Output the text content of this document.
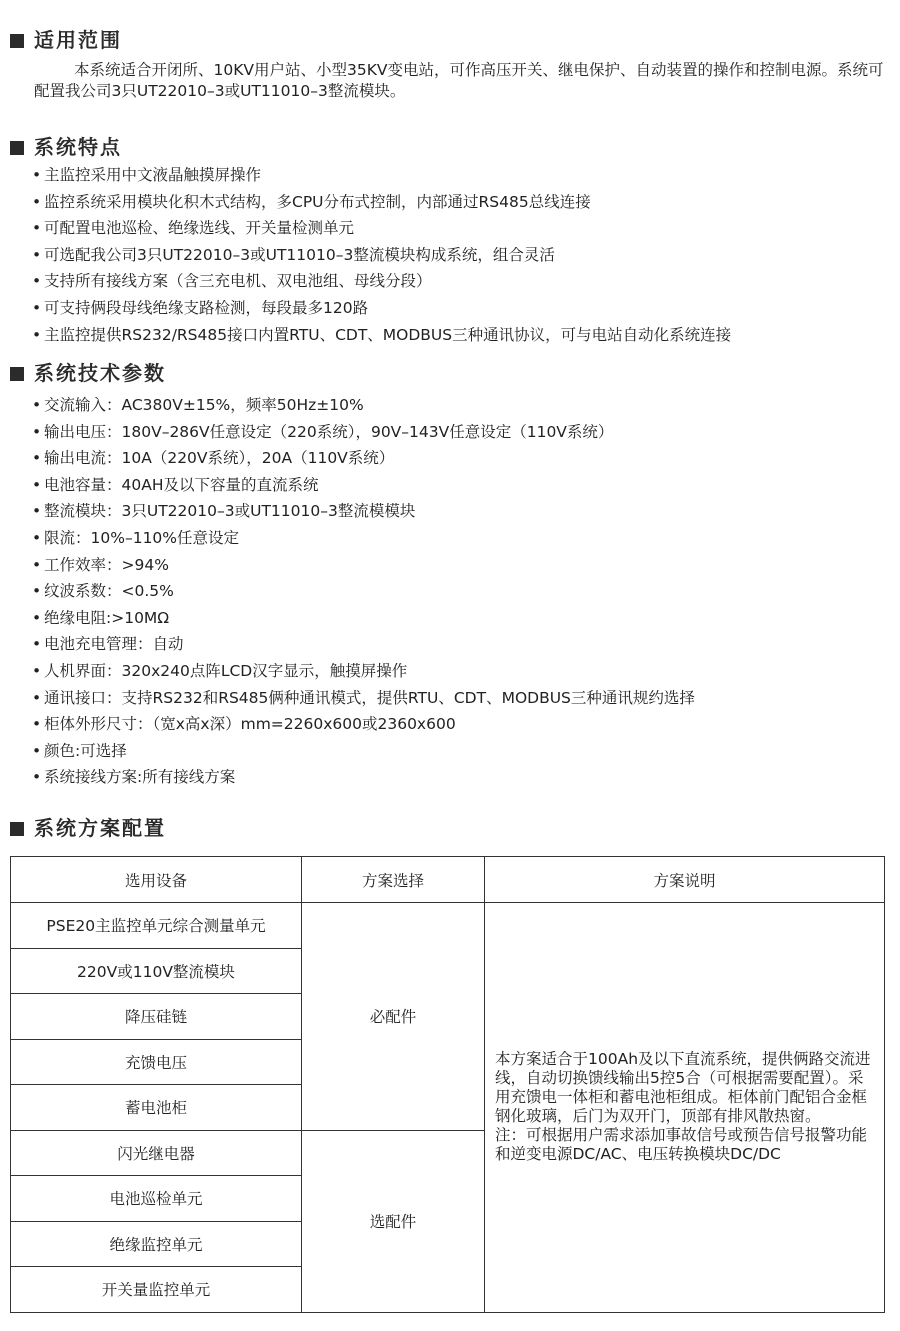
适用范围
本系统适合开闭所、10KV用户站、小型35KV变电站，可作高压开关、继电保护、自动装置的操作和控制电源。系统可配置我公司3只UT22010–3或UT11010–3整流模块。
系统特点
• 主监控采用中文液晶触摸屏操作
• 监控系统采用模块化积木式结构，多CPU分布式控制，内部通过RS485总线连接
• 可配置电池巡检、绝缘选线、开关量检测单元
• 可选配我公司3只UT22010–3或UT11010–3整流模块构成系统，组合灵活
• 支持所有接线方案（含三充电机、双电池组、母线分段）
• 可支持俩段母线绝缘支路检测，每段最多120路
• 主监控提供RS232/RS485接口内置RTU、CDT、MODBUS三种通讯协议，可与电站自动化系统连接
系统技术参数
• 交流输入：AC380V±15%，频率50Hz±10%
• 输出电压：180V–286V任意设定（220系统），90V–143V任意设定（110V系统）
• 输出电流：10A（220V系统），20A（110V系统）
• 电池容量：40AH及以下容量的直流系统
• 整流模块：3只UT22010–3或UT11010–3整流模模块
• 限流：10%–110%任意设定
• 工作效率：>94%
• 纹波系数：<0.5%
• 绝缘电阻:>10MΩ
• 电池充电管理：自动
• 人机界面：320x240点阵LCD汉字显示，触摸屏操作
• 通讯接口：支持RS232和RS485俩种通讯模式，提供RTU、CDT、MODBUS三种通讯规约选择
• 柜体外形尺寸：（宽x高x深）mm=2260x600或2360x600
• 颜色:可选择
• 系统接线方案:所有接线方案
系统方案配置
选用设备	方案选择	方案说明
PSE20主监控单元综合测量单元	必配件	本方案适合于100Ah及以下直流系统，提供俩路交流进线，自动切换馈线输出5控5合（可根据需要配置）。采用充馈电一体柜和蓄电池柜组成。柜体前门配铝合金框钢化玻璃，后门为双开门，顶部有排风散热窗。
注：可根据用户需求添加事故信号或预告信号报警功能和逆变电源DC/AC、电压转换模块DC/DC

220V或110V整流模块		
降压硅链		
充馈电压		
蓄电池柜		
闪光继电器	选配件	
电池巡检单元		
绝缘监控单元		
开关量监控单元		
